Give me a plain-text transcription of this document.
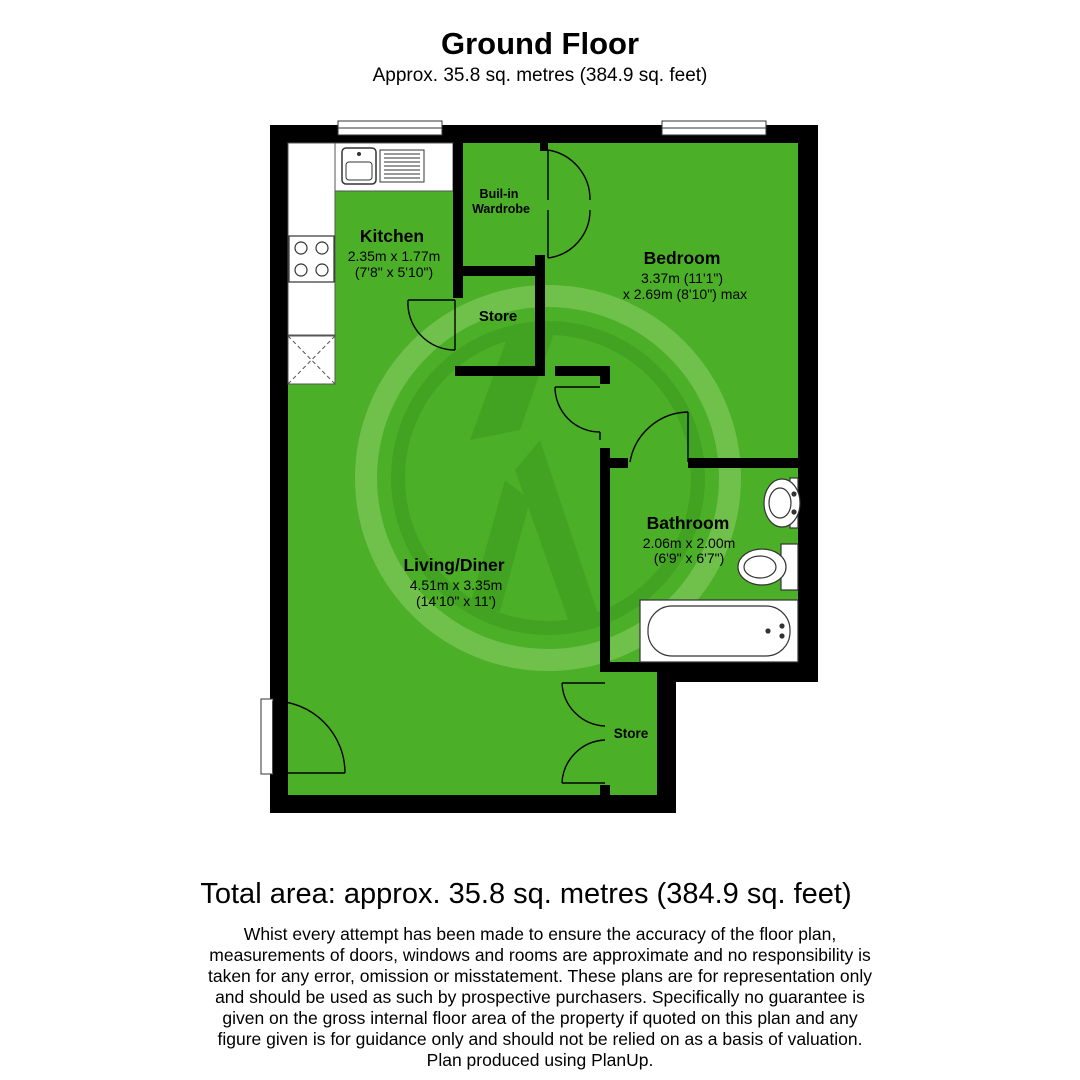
Ground Floor
Approx. 35.8 sq. metres (384.9 sq. feet)
Kitchen
2.35m x 1.77m
(7'8" x 5'10")
Buil-in
Wardrobe
Bedroom
3.37m (11'1")
x 2.69m (8'10") max
Store
Bathroom
2.06m x 2.00m
(6'9" x 6'7")
Living/Diner
4.51m x 3.35m
(14'10" x 11')
Store
Total area: approx. 35.8 sq. metres (384.9 sq. feet)
Whist every attempt has been made to ensure the accuracy of the floor plan,
measurements of doors, windows and rooms are approximate and no responsibility is
taken for any error, omission or misstatement. These plans are for representation only
and should be used as such by prospective purchasers. Specifically no guarantee is
given on the gross internal floor area of the property if quoted on this plan and any
figure given is for guidance only and should not be relied on as a basis of valuation.
Plan produced using PlanUp.
